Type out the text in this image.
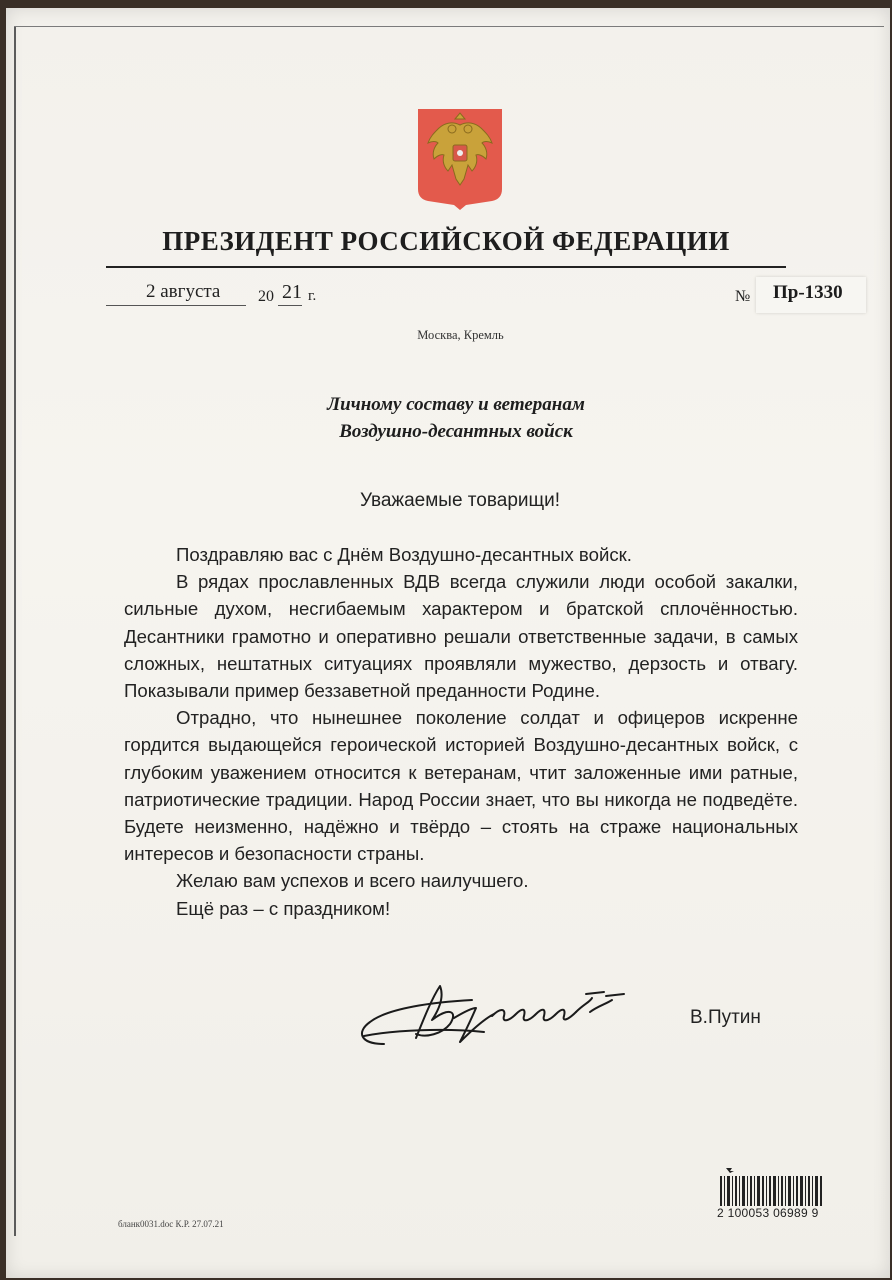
ПРЕЗИДЕНТ РОССИЙСКОЙ ФЕДЕРАЦИИ
2 августа 20 21 г.	№ Пр-1330
Москва, Кремль
Личному составу и ветеранам
Воздушно-десантных войск
Уважаемые товарищи!

Поздравляю вас с Днём Воздушно-десантных войск.

В рядах прославленных ВДВ всегда служили люди особой закалки, сильные духом, несгибаемым характером и братской сплочённостью. Десантники грамотно и оперативно решали ответственные задачи, в самых сложных, нештатных ситуациях проявляли мужество, дерзость и отвагу. Показывали пример беззаветной преданности Родине.

Отрадно, что нынешнее поколение солдат и офицеров искренне гордится выдающейся героической историей Воздушно-десантных войск, с глубоким уважением относится к ветеранам, чтит заложенные ими ратные, патриотические традиции. Народ России знает, что вы никогда не подведёте. Будете неизменно, надёжно и твёрдо – стоять на страже национальных интересов и безопасности страны.

Желаю вам успехов и всего наилучшего.

Ещё раз – с праздником!

В.Путин
бланк0031.doc К.Р. 27.07.21
2 100053 06989 9
